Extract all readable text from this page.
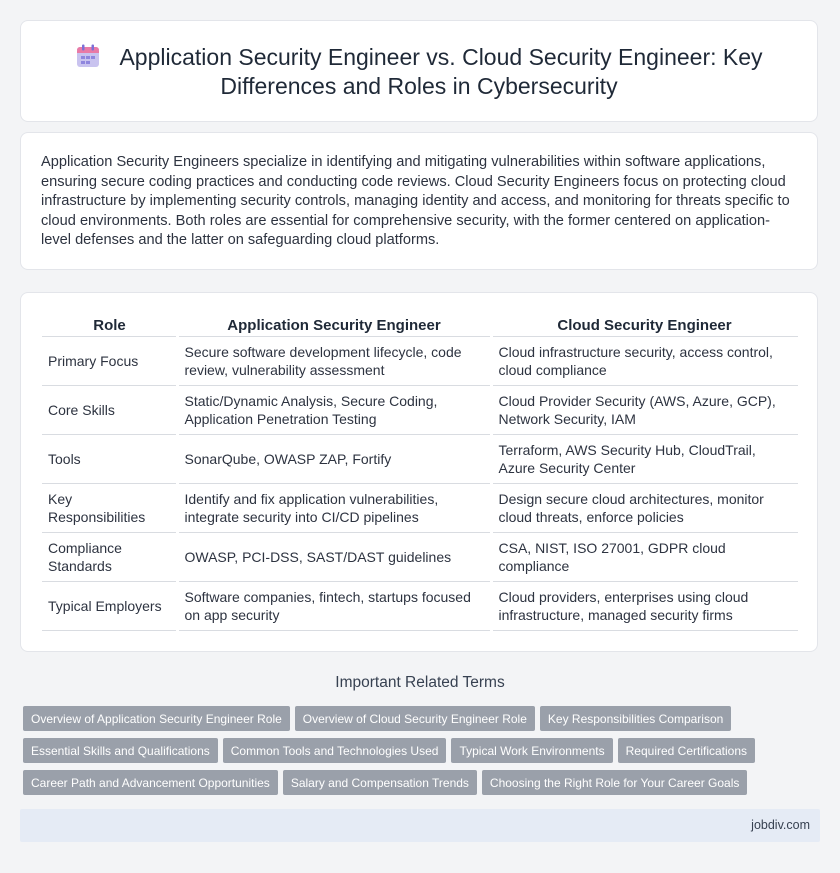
Application Security Engineer vs. Cloud Security Engineer: Key Differences and Roles in Cybersecurity
Application Security Engineers specialize in identifying and mitigating vulnerabilities within software applications, ensuring secure coding practices and conducting code reviews. Cloud Security Engineers focus on protecting cloud infrastructure by implementing security controls, managing identity and access, and monitoring for threats specific to cloud environments. Both roles are essential for comprehensive security, with the former centered on application-level defenses and the latter on safeguarding cloud platforms.
Role	Application Security Engineer	Cloud Security Engineer
Primary Focus	Secure software development lifecycle, code review, vulnerability assessment	Cloud infrastructure security, access control, cloud compliance
Core Skills	Static/Dynamic Analysis, Secure Coding, Application Penetration Testing	Cloud Provider Security (AWS, Azure, GCP), Network Security, IAM
Tools	SonarQube, OWASP ZAP, Fortify	Terraform, AWS Security Hub, CloudTrail, Azure Security Center
Key Responsibilities	Identify and fix application vulnerabilities, integrate security into CI/CD pipelines	Design secure cloud architectures, monitor cloud threats, enforce policies
Compliance Standards	OWASP, PCI-DSS, SAST/DAST guidelines	CSA, NIST, ISO 27001, GDPR cloud compliance
Typical Employers	Software companies, fintech, startups focused on app security	Cloud providers, enterprises using cloud infrastructure, managed security firms
Important Related Terms
Overview of Application Security Engineer Role Overview of Cloud Security Engineer Role Key Responsibilities Comparison
Essential Skills and Qualifications Common Tools and Technologies Used Typical Work Environments Required Certifications
Career Path and Advancement Opportunities Salary and Compensation Trends Choosing the Right Role for Your Career Goals
jobdiv.com
